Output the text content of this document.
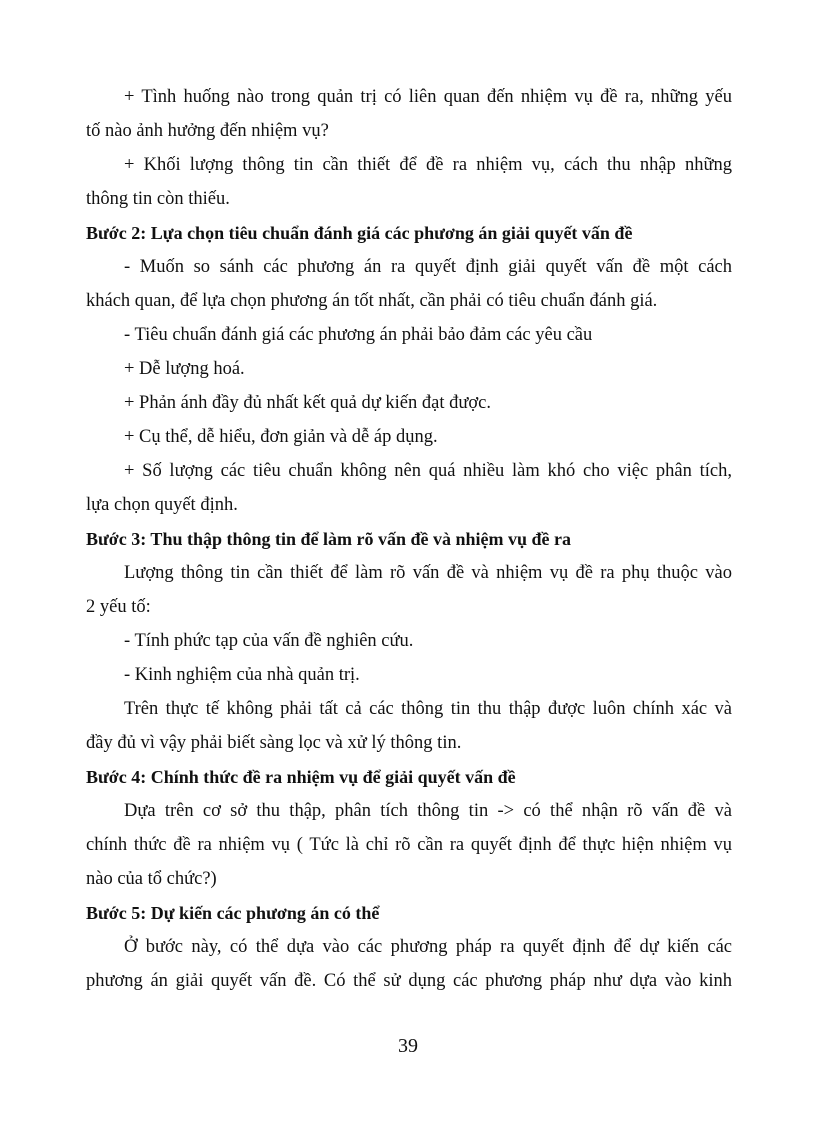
+ Tình huống nào trong quản trị có liên quan đến nhiệm vụ đề ra, những yếu

tố nào ảnh hưởng đến nhiệm vụ?

+ Khối lượng thông tin cần thiết để đề ra nhiệm vụ, cách thu nhập những

thông tin còn thiếu.

Bước 2: Lựa chọn tiêu chuẩn đánh giá các phương án giải quyết vấn đề

- Muốn so sánh các phương án ra quyết định giải quyết vấn đề một cách

khách quan, để lựa chọn phương án tốt nhất, cần phải có tiêu chuẩn đánh giá.

- Tiêu chuẩn đánh giá các phương án phải bảo đảm các yêu cầu

+ Dễ lượng hoá.

+ Phản ánh đầy đủ nhất kết quả dự kiến đạt được.

+ Cụ thể, dễ hiểu, đơn giản và dễ áp dụng.

+ Số lượng các tiêu chuẩn không nên quá nhiều làm khó cho việc phân tích,

lựa chọn quyết định.

Bước 3: Thu thập thông tin để làm rõ vấn đề và nhiệm vụ đề ra

Lượng thông tin cần thiết để làm rõ vấn đề và nhiệm vụ đề ra phụ thuộc vào

2 yếu tố:

- Tính phức tạp của vấn đề nghiên cứu.

- Kinh nghiệm của nhà quản trị.

Trên thực tế không phải tất cả các thông tin thu thập được luôn chính xác và

đầy đủ vì vậy phải biết sàng lọc và xử lý thông tin.

Bước 4: Chính thức đề ra nhiệm vụ để giải quyết vấn đề

Dựa trên cơ sở thu thập, phân tích thông tin -> có thể nhận rõ vấn đề và

chính thức đề ra nhiệm vụ ( Tức là chỉ rõ cần ra quyết định để thực hiện nhiệm vụ

nào của tổ chức?)

Bước 5: Dự kiến các phương án có thể

Ở bước này, có thể dựa vào các phương pháp ra quyết định để dự kiến các

phương án giải quyết vấn đề. Có thể sử dụng các phương pháp như dựa vào kinh

39
